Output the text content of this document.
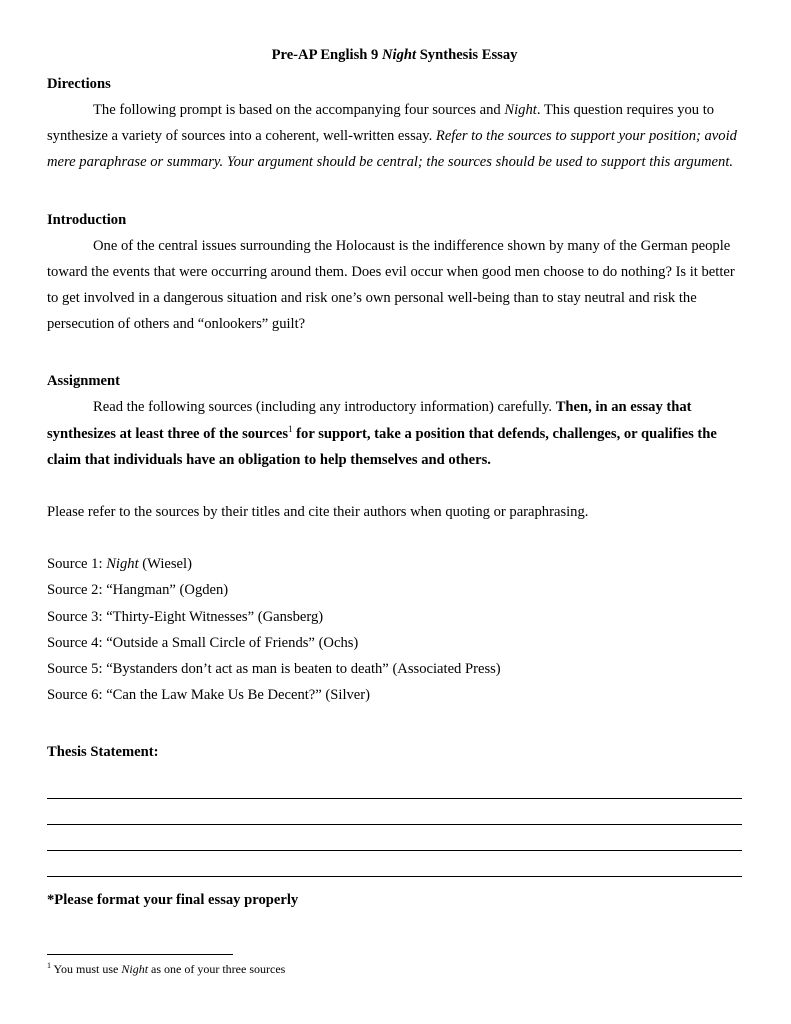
Pre-AP English 9 Night Synthesis Essay
Directions

The following prompt is based on the accompanying four sources and Night. This question requires you to synthesize a variety of sources into a coherent, well-written essay. Refer to the sources to support your position; avoid mere paraphrase or summary. Your argument should be central; the sources should be used to support this argument.

Introduction

One of the central issues surrounding the Holocaust is the indifference shown by many of the German people toward the events that were occurring around them. Does evil occur when good men choose to do nothing? Is it better to get involved in a dangerous situation and risk one’s own personal well-being than to stay neutral and risk the persecution of others and “onlookers” guilt?

Assignment

Read the following sources (including any introductory information) carefully. Then, in an essay that synthesizes at least three of the sources$^1$ for support, take a position that defends, challenges, or qualifies the claim that individuals have an obligation to help themselves and others.

Please refer to the sources by their titles and cite their authors when quoting or paraphrasing.

Source 1: Night (Wiesel)
Source 2: “Hangman” (Ogden)
Source 3: “Thirty-Eight Witnesses” (Gansberg)
Source 4: “Outside a Small Circle of Friends” (Ochs)
Source 5: “Bystanders don’t act as man is beaten to death” (Associated Press)
Source 6: “Can the Law Make Us Be Decent?” (Silver)
Thesis Statement:

*Please format your final essay properly

$^1$ You must use Night as one of your three sources
